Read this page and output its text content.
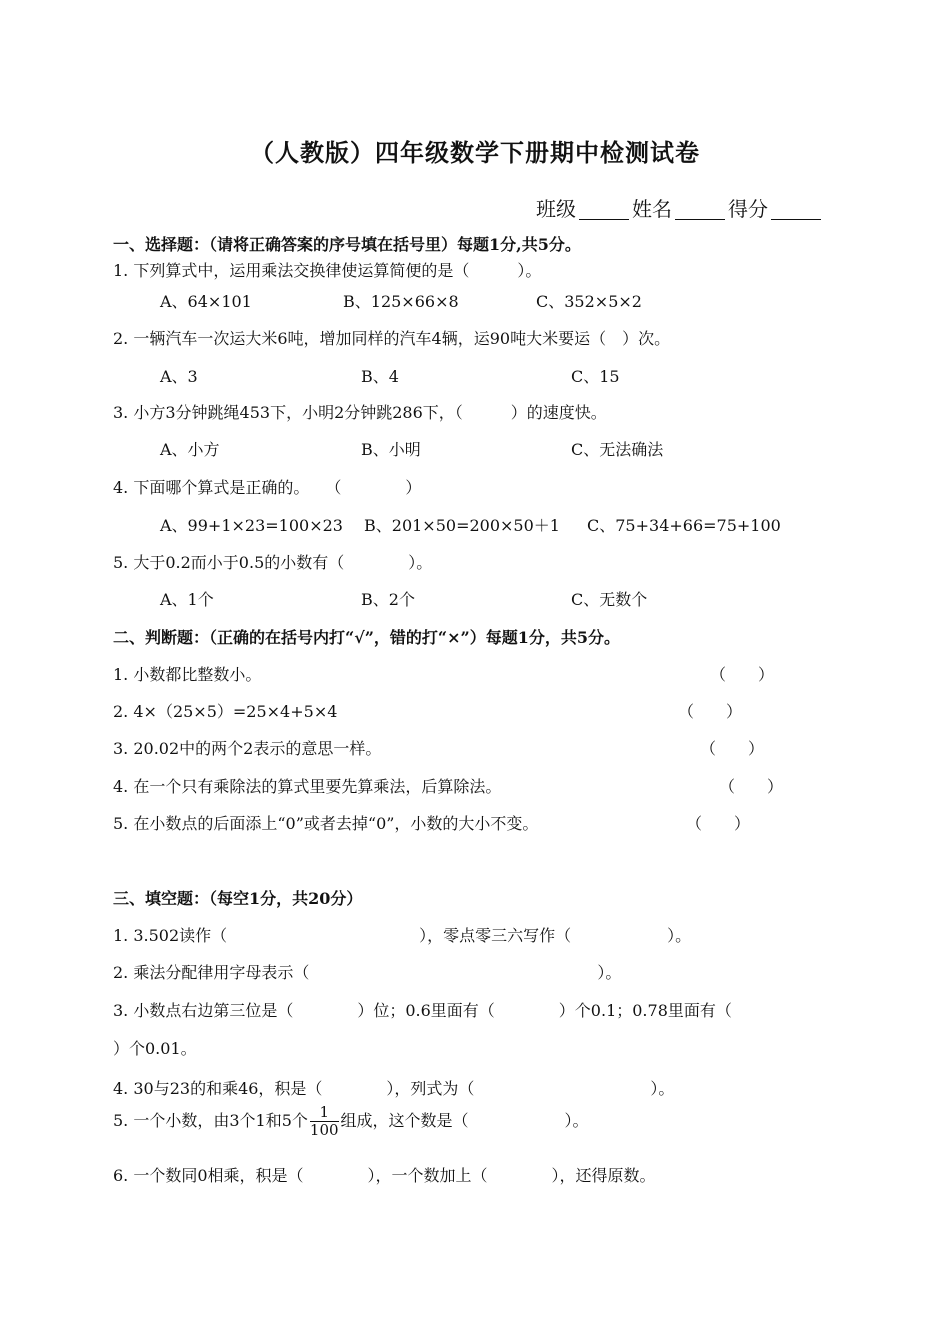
（人教版）四年级数学下册期中检测试卷
班级	姓名	得分
一、选择题：（请将正确答案的序号填在括号里）每题1分,共5分。
1. 下列算式中，运用乘法交换律使运算简便的是（　　　）。
A、64×101	B、125×66×8	C、352×5×2
2. 一辆汽车一次运大米6吨，增加同样的汽车4辆，运90吨大米要运（　）次。
A、3	B、4	C、15
3. 小方3分钟跳绳453下，小明2分钟跳286下，（　　　）的速度快。
A、小方	B、小明	C、无法确法
4. 下面哪个算式是正确的。　　（　　　　）
A、99+1×23=100×23 B、201×50=200×50＋1 C、75+34+66=75+100
5. 大于0.2而小于0.5的小数有（　　　　）。
A、1个	B、2个	C、无数个
二、判断题：（正确的在括号内打“√”，错的打“×”）每题1分，共5分。
1. 小数都比整数小。	（　　）
2. 4×（25×5）=25×4+5×4	（　　）
3. 20.02中的两个2表示的意思一样。	（　　）
4. 在一个只有乘除法的算式里要先算乘法，后算除法。	（　　）
5. 在小数点的后面添上“0”或者去掉“0”，小数的大小不变。	（　　）
三、填空题：（每空1分，共20分）
1. 3.502读作（　　　　　　　　　　　　），零点零三六写作（　　　　　　）。
2. 乘法分配律用字母表示（　　　　　　　　　　　　　　　　　　）。
3. 小数点右边第三位是（　　　　）位；0.6里面有（　　　　）个0.1；0.78里面有（
）个0.01。
4. 30与23的和乘46，积是（　　　　），列式为（　　　　　　　　　　　）。
5. 一个小数，由3个1和5个 $\frac{1}{100}$ 组成，这个数是（　　　　　　）。
6. 一个数同0相乘，积是（　　　　），一个数加上（　　　　），还得原数。
